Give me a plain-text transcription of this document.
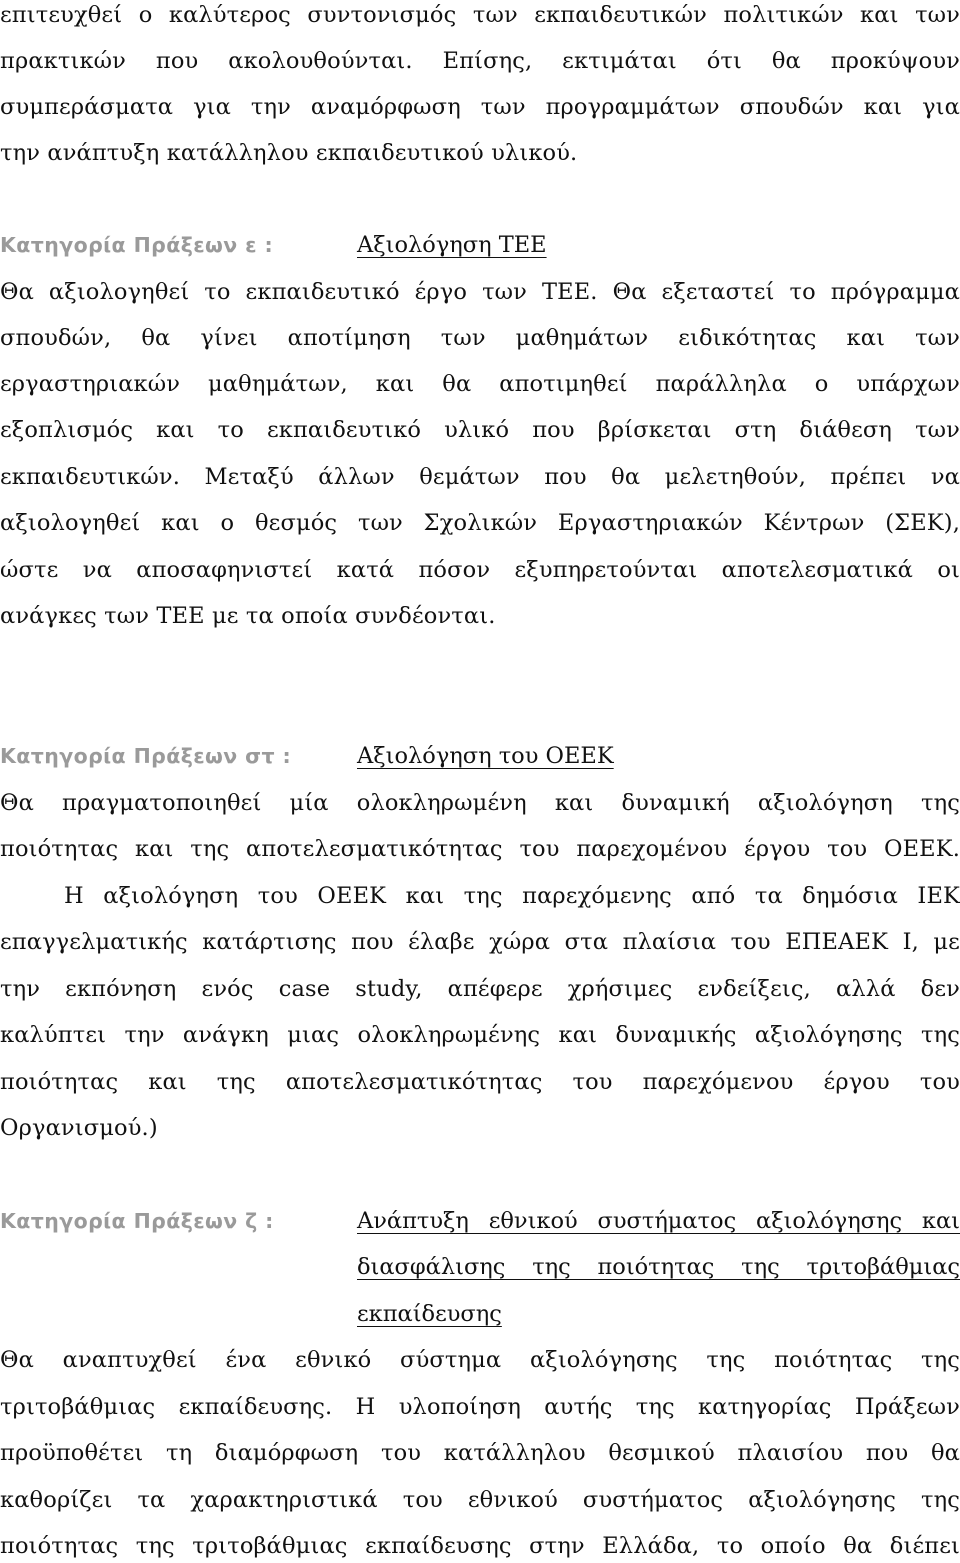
επιτευχθεί ο καλύτερος συντονισμός των εκπαιδευτικών πολιτικών και των
πρακτικών που ακολουθούνται. Επίσης, εκτιμάται ότι θα προκύψουν
συμπεράσματα για την αναμόρφωση των προγραμμάτων σπουδών και για
την ανάπτυξη κατάλληλου εκπαιδευτικού υλικού.
Κατηγορία Πράξεων ε :	Αξιολόγηση ΤΕΕ
Θα αξιολογηθεί το εκπαιδευτικό έργο των ΤΕΕ. Θα εξεταστεί το πρόγραμμα
σπουδών, θα γίνει αποτίμηση των μαθημάτων ειδικότητας και των
εργαστηριακών μαθημάτων, και θα αποτιμηθεί παράλληλα ο υπάρχων
εξοπλισμός και το εκπαιδευτικό υλικό που βρίσκεται στη διάθεση των
εκπαιδευτικών. Μεταξύ άλλων θεμάτων που θα μελετηθούν, πρέπει να
αξιολογηθεί και ο θεσμός των Σχολικών Εργαστηριακών Κέντρων (ΣΕΚ),
ώστε να αποσαφηνιστεί κατά πόσον εξυπηρετούνται αποτελεσματικά οι
ανάγκες των ΤΕΕ με τα οποία συνδέονται.
Κατηγορία Πράξεων στ :	Αξιολόγηση του ΟΕΕΚ
Θα πραγματοποιηθεί μία ολοκληρωμένη και δυναμική αξιολόγηση της
ποιότητας και της αποτελεσματικότητας του παρεχομένου έργου του ΟΕΕΚ.
Η αξιολόγηση του ΟΕΕΚ και της παρεχόμενης από τα δημόσια ΙΕΚ
επαγγελματικής κατάρτισης που έλαβε χώρα στα πλαίσια του ΕΠΕΑΕΚ Ι, με
την εκπόνηση ενός case study, απέφερε χρήσιμες ενδείξεις, αλλά δεν
καλύπτει την ανάγκη μιας ολοκληρωμένης και δυναμικής αξιολόγησης της
ποιότητας και της αποτελεσματικότητας του παρεχόμενου έργου του
Οργανισμού.)
Κατηγορία Πράξεων ζ :	Ανάπτυξη εθνικού συστήματος αξιολόγησης και
διασφάλισης της ποιότητας της τριτοβάθμιας
εκπαίδευσης
Θα αναπτυχθεί ένα εθνικό σύστημα αξιολόγησης της ποιότητας της
τριτοβάθμιας εκπαίδευσης. Η υλοποίηση αυτής της κατηγορίας Πράξεων
προϋποθέτει τη διαμόρφωση του κατάλληλου θεσμικού πλαισίου που θα
καθορίζει τα χαρακτηριστικά του εθνικού συστήματος αξιολόγησης της
ποιότητας της τριτοβάθμιας εκπαίδευσης στην Ελλάδα, το οποίο θα διέπει
